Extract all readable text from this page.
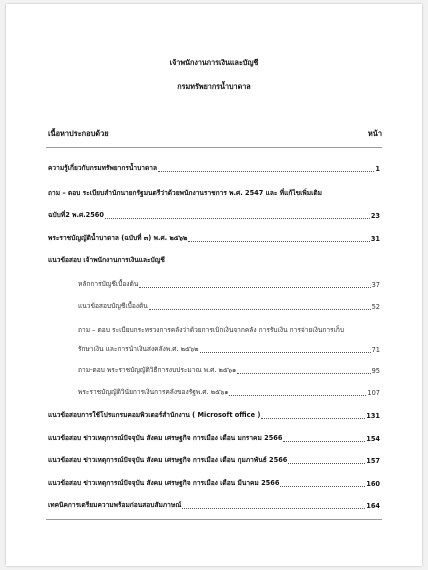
เจ้าพนักงานการเงินและบัญชี
กรมทรัพยากรน้ำบาดาล
เนื้อหาประกอบด้วย	หน้า
ความรู้เกี่ยวกับกรมทรัพยากรน้ำบาดาล	1
ถาม – ตอบ ระเบียบสำนักนายกรัฐมนตรีว่าด้วยพนักงานราชการ พ.ศ. 2547 และ ที่แก้ไขเพิ่มเติม
ฉบับที่2 พ.ศ.2560	23
พระราชบัญญัติน้ำบาดาล (ฉบับที่ ๓) พ.ศ. ๒๕๖๒	31
แนวข้อสอบ เจ้าพนักงานการเงินและบัญชี
หลักการบัญชีเบื้องต้น	37
แนวข้อสอบบัญชีเบื้องต้น	52
ถาม – ตอบ ระเบียบกระทรวงการคลังว่าด้วยการเบิกเงินจากคลัง การรับเงิน การจ่ายเงินการเก็บ
รักษาเงิน และการนำเงินส่งคลังพ.ศ. ๒๕๖๒	71
ถาม-ตอบ พระราชบัญญัติวิธีการงบประมาณ พ.ศ. ๒๕๖๑	95
พระราชบัญญัติวินัยการเงินการคลังของรัฐพ.ศ. ๒๕๖๑	107
แนวข้อสอบการใช้โปรแกรมคอมพิวเตอร์สำนักงาน ( Microsoft office )	131
แนวข้อสอบ ข่าวเหตุการณ์ปัจจุบัน สังคม เศรษฐกิจ การเมือง เดือน มกราคม 2566	154
แนวข้อสอบ ข่าวเหตุการณ์ปัจจุบัน สังคม เศรษฐกิจ การเมือง เดือน กุมภาพันธ์ 2566	157
แนวข้อสอบ ข่าวเหตุการณ์ปัจจุบัน สังคม เศรษฐกิจ การเมือง เดือน มีนาคม 2566	160
เทคนิคการเตรียมความพร้อมก่อนสอบสัมภาษณ์	164
